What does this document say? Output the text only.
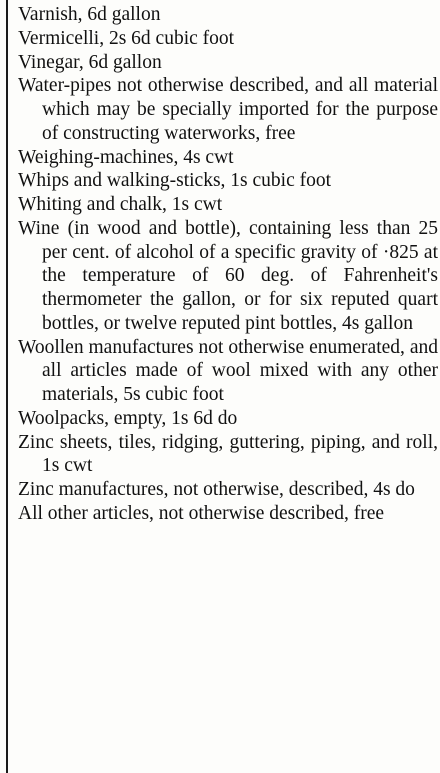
Varnish, 6d gallon
Vermicelli, 2s 6d cubic foot
Vinegar, 6d gallon
Water-pipes not otherwise described, and all material which may be specially imported for the purpose of constructing waterworks, free
Weighing-machines, 4s cwt
Whips and walking-sticks, 1s cubic foot
Whiting and chalk, 1s cwt
Wine (in wood and bottle), containing less than 25 per cent. of alcohol of a specific gravity of ·825 at the temperature of 60 deg. of Fahrenheit's thermometer the gallon, or for six reputed quart bottles, or twelve reputed pint bottles, 4s gallon
Woollen manufactures not otherwise enumerated, and all articles made of wool mixed with any other materials, 5s cubic foot
Woolpacks, empty, 1s 6d do
Zinc sheets, tiles, ridging, guttering, piping, and roll, 1s cwt
Zinc manufactures, not otherwise, described, 4s do
All other articles, not otherwise described, free
